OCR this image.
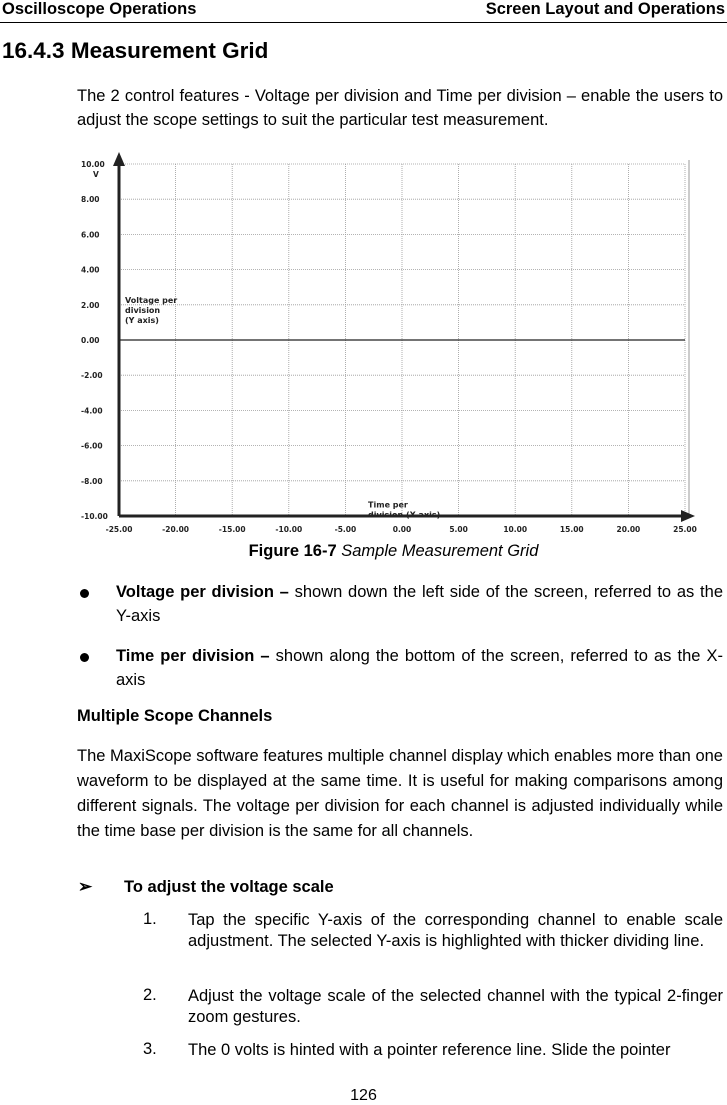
Oscilloscope Operations	Screen Layout and Operations
16.4.3 Measurement Grid
The 2 control features - Voltage per division and Time per division – enable the users to adjust the scope settings to suit the particular test measurement.
10.00
8.00
6.00
4.00
2.00
0.00
-2.00
-4.00
-6.00
-8.00
-10.00
V
-25.00	-20.00	-15.00	-10.00	-5.00	0.00	5.00	10.00	15.00	20.00	25.00
Voltage per
division
(Y axis)
Time per
division (X axis)
Figure 16-7 Sample Measurement Grid
Voltage per division – shown down the left side of the screen, referred to as the Y-axis
Time per division – shown along the bottom of the screen, referred to as the X-axis
Multiple Scope Channels
The MaxiScope software features multiple channel display which enables more than one waveform to be displayed at the same time. It is useful for making comparisons among different signals. The voltage per division for each channel is adjusted individually while the time base per division is the same for all channels.
➢ To adjust the voltage scale
1. Tap the specific Y-axis of the corresponding channel to enable scale adjustment. The selected Y-axis is highlighted with thicker dividing line.
2. Adjust the voltage scale of the selected channel with the typical 2-finger zoom gestures.
3. The 0 volts is hinted with a pointer reference line. Slide the pointer
126
